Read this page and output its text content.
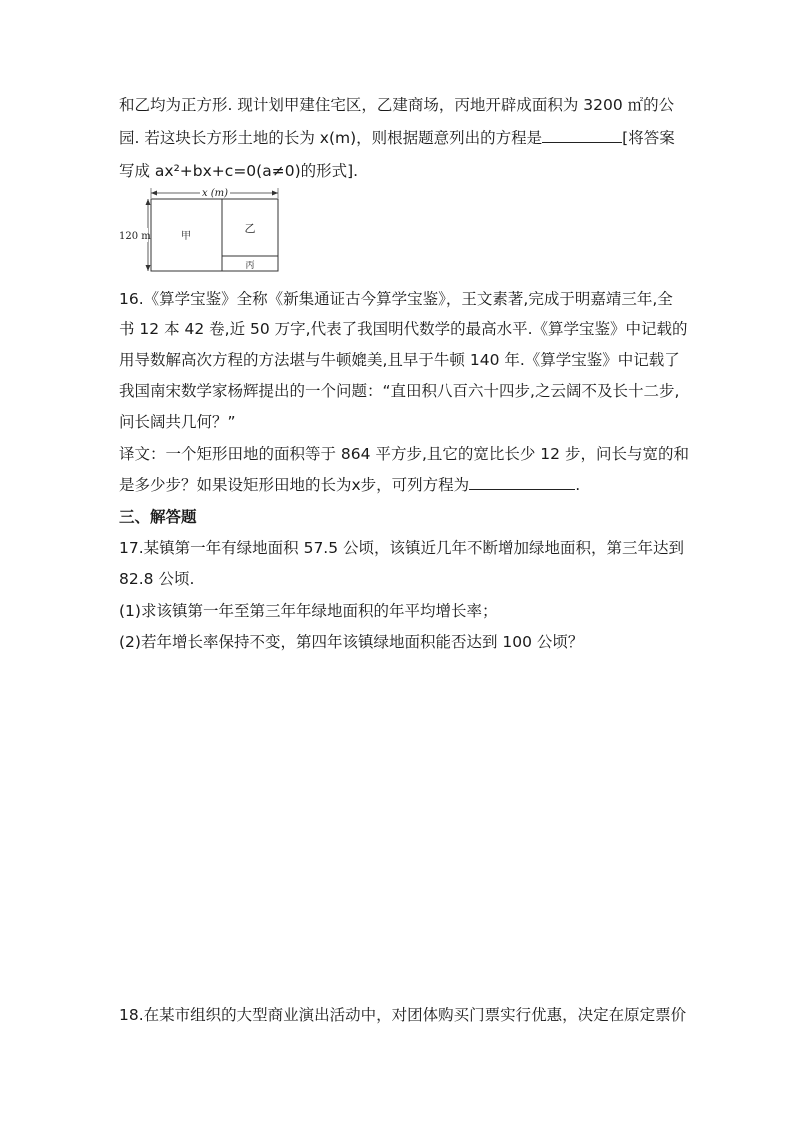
和乙均为正方形. 现计划甲建住宅区，乙建商场，丙地开辟成面积为 3200 ㎡的公
园. 若这块长方形土地的长为 x(m)，则根据题意列出的方程是	[将答案
写成 ax²+bx+c=0(a≠0)的形式].
x (m)
120 m	甲
乙
丙
16.《算学宝鉴》全称《新集通证古今算学宝鉴》，王文素著,完成于明嘉靖三年,全
书 12 本 42 卷,近 50 万字,代表了我国明代数学的最高水平.《算学宝鉴》中记载的
用导数解高次方程的方法堪与牛顿媲美,且早于牛顿 140 年.《算学宝鉴》中记载了
我国南宋数学家杨辉提出的一个问题：“直田积八百六十四步,之云阔不及长十二步,
问长阔共几何？”
译文：一个矩形田地的面积等于 864 平方步,且它的宽比长少 12 步，问长与宽的和
是多少步？如果设矩形田地的长为x步，可列方程为	.
三、解答题
17.某镇第一年有绿地面积 57.5 公顷，该镇近几年不断增加绿地面积，第三年达到
82.8 公顷.
(1)求该镇第一年至第三年年绿地面积的年平均增长率；
(2)若年增长率保持不变，第四年该镇绿地面积能否达到 100 公顷？
18.在某市组织的大型商业演出活动中，对团体购买门票实行优惠，决定在原定票价
